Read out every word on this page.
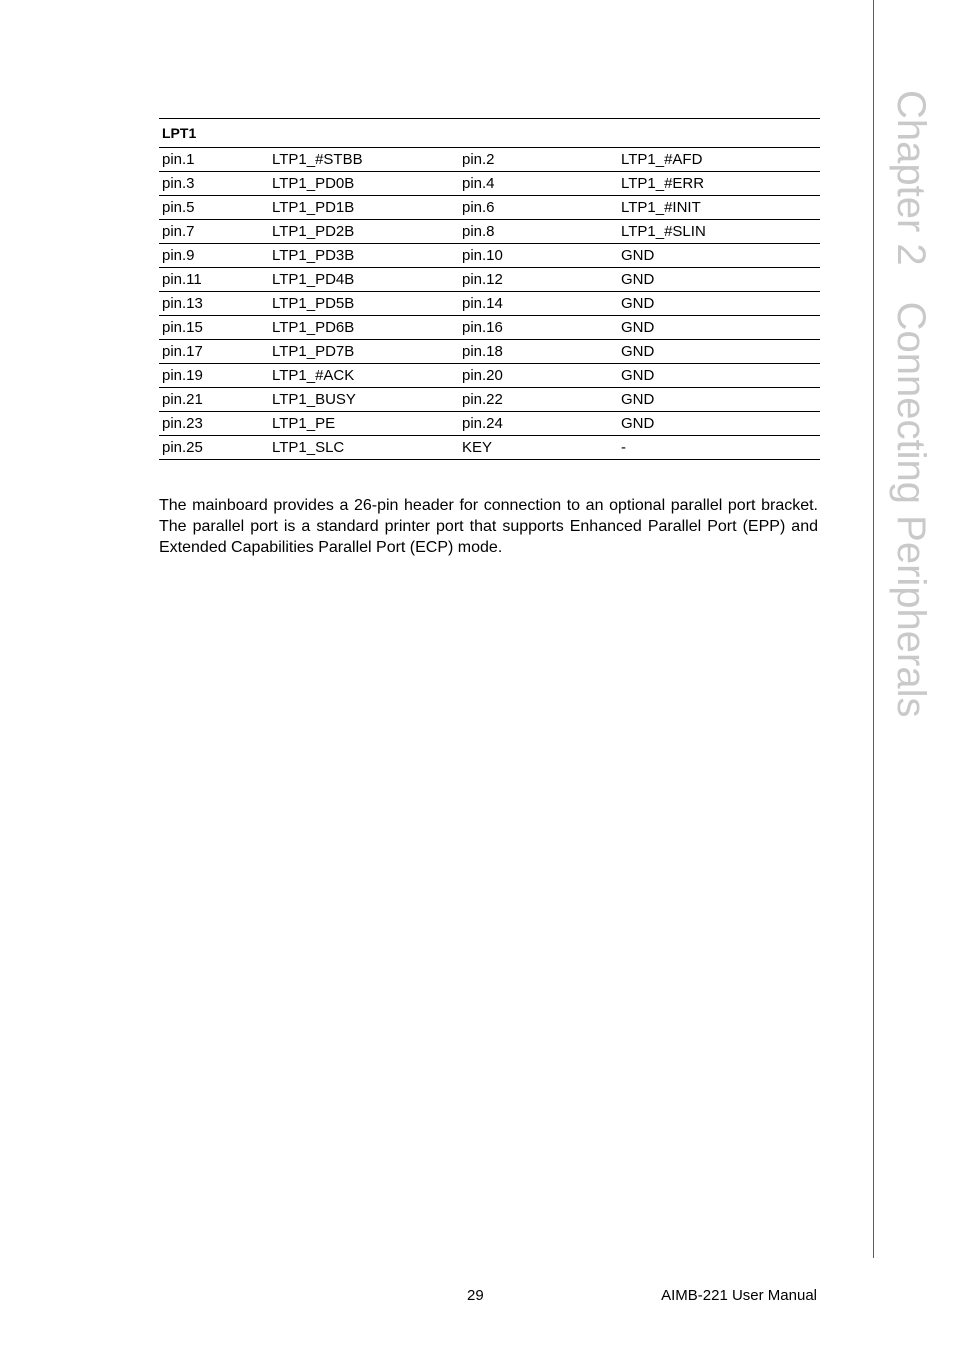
Chapter 2Connecting Peripherals
LPT1			
pin.1	LTP1_#STBB	pin.2	LTP1_#AFD
pin.3	LTP1_PD0B	pin.4	LTP1_#ERR
pin.5	LTP1_PD1B	pin.6	LTP1_#INIT
pin.7	LTP1_PD2B	pin.8	LTP1_#SLIN
pin.9	LTP1_PD3B	pin.10	GND
pin.11	LTP1_PD4B	pin.12	GND
pin.13	LTP1_PD5B	pin.14	GND
pin.15	LTP1_PD6B	pin.16	GND
pin.17	LTP1_PD7B	pin.18	GND
pin.19	LTP1_#ACK	pin.20	GND
pin.21	LTP1_BUSY	pin.22	GND
pin.23	LTP1_PE	pin.24	GND
pin.25	LTP1_SLC	KEY	-

The mainboard provides a 26-pin header for connection to an optional parallel port bracket. The parallel port is a standard printer port that supports Enhanced Parallel Port (EPP) and Extended Capabilities Parallel Port (ECP) mode.

29	AIMB-221 User Manual
